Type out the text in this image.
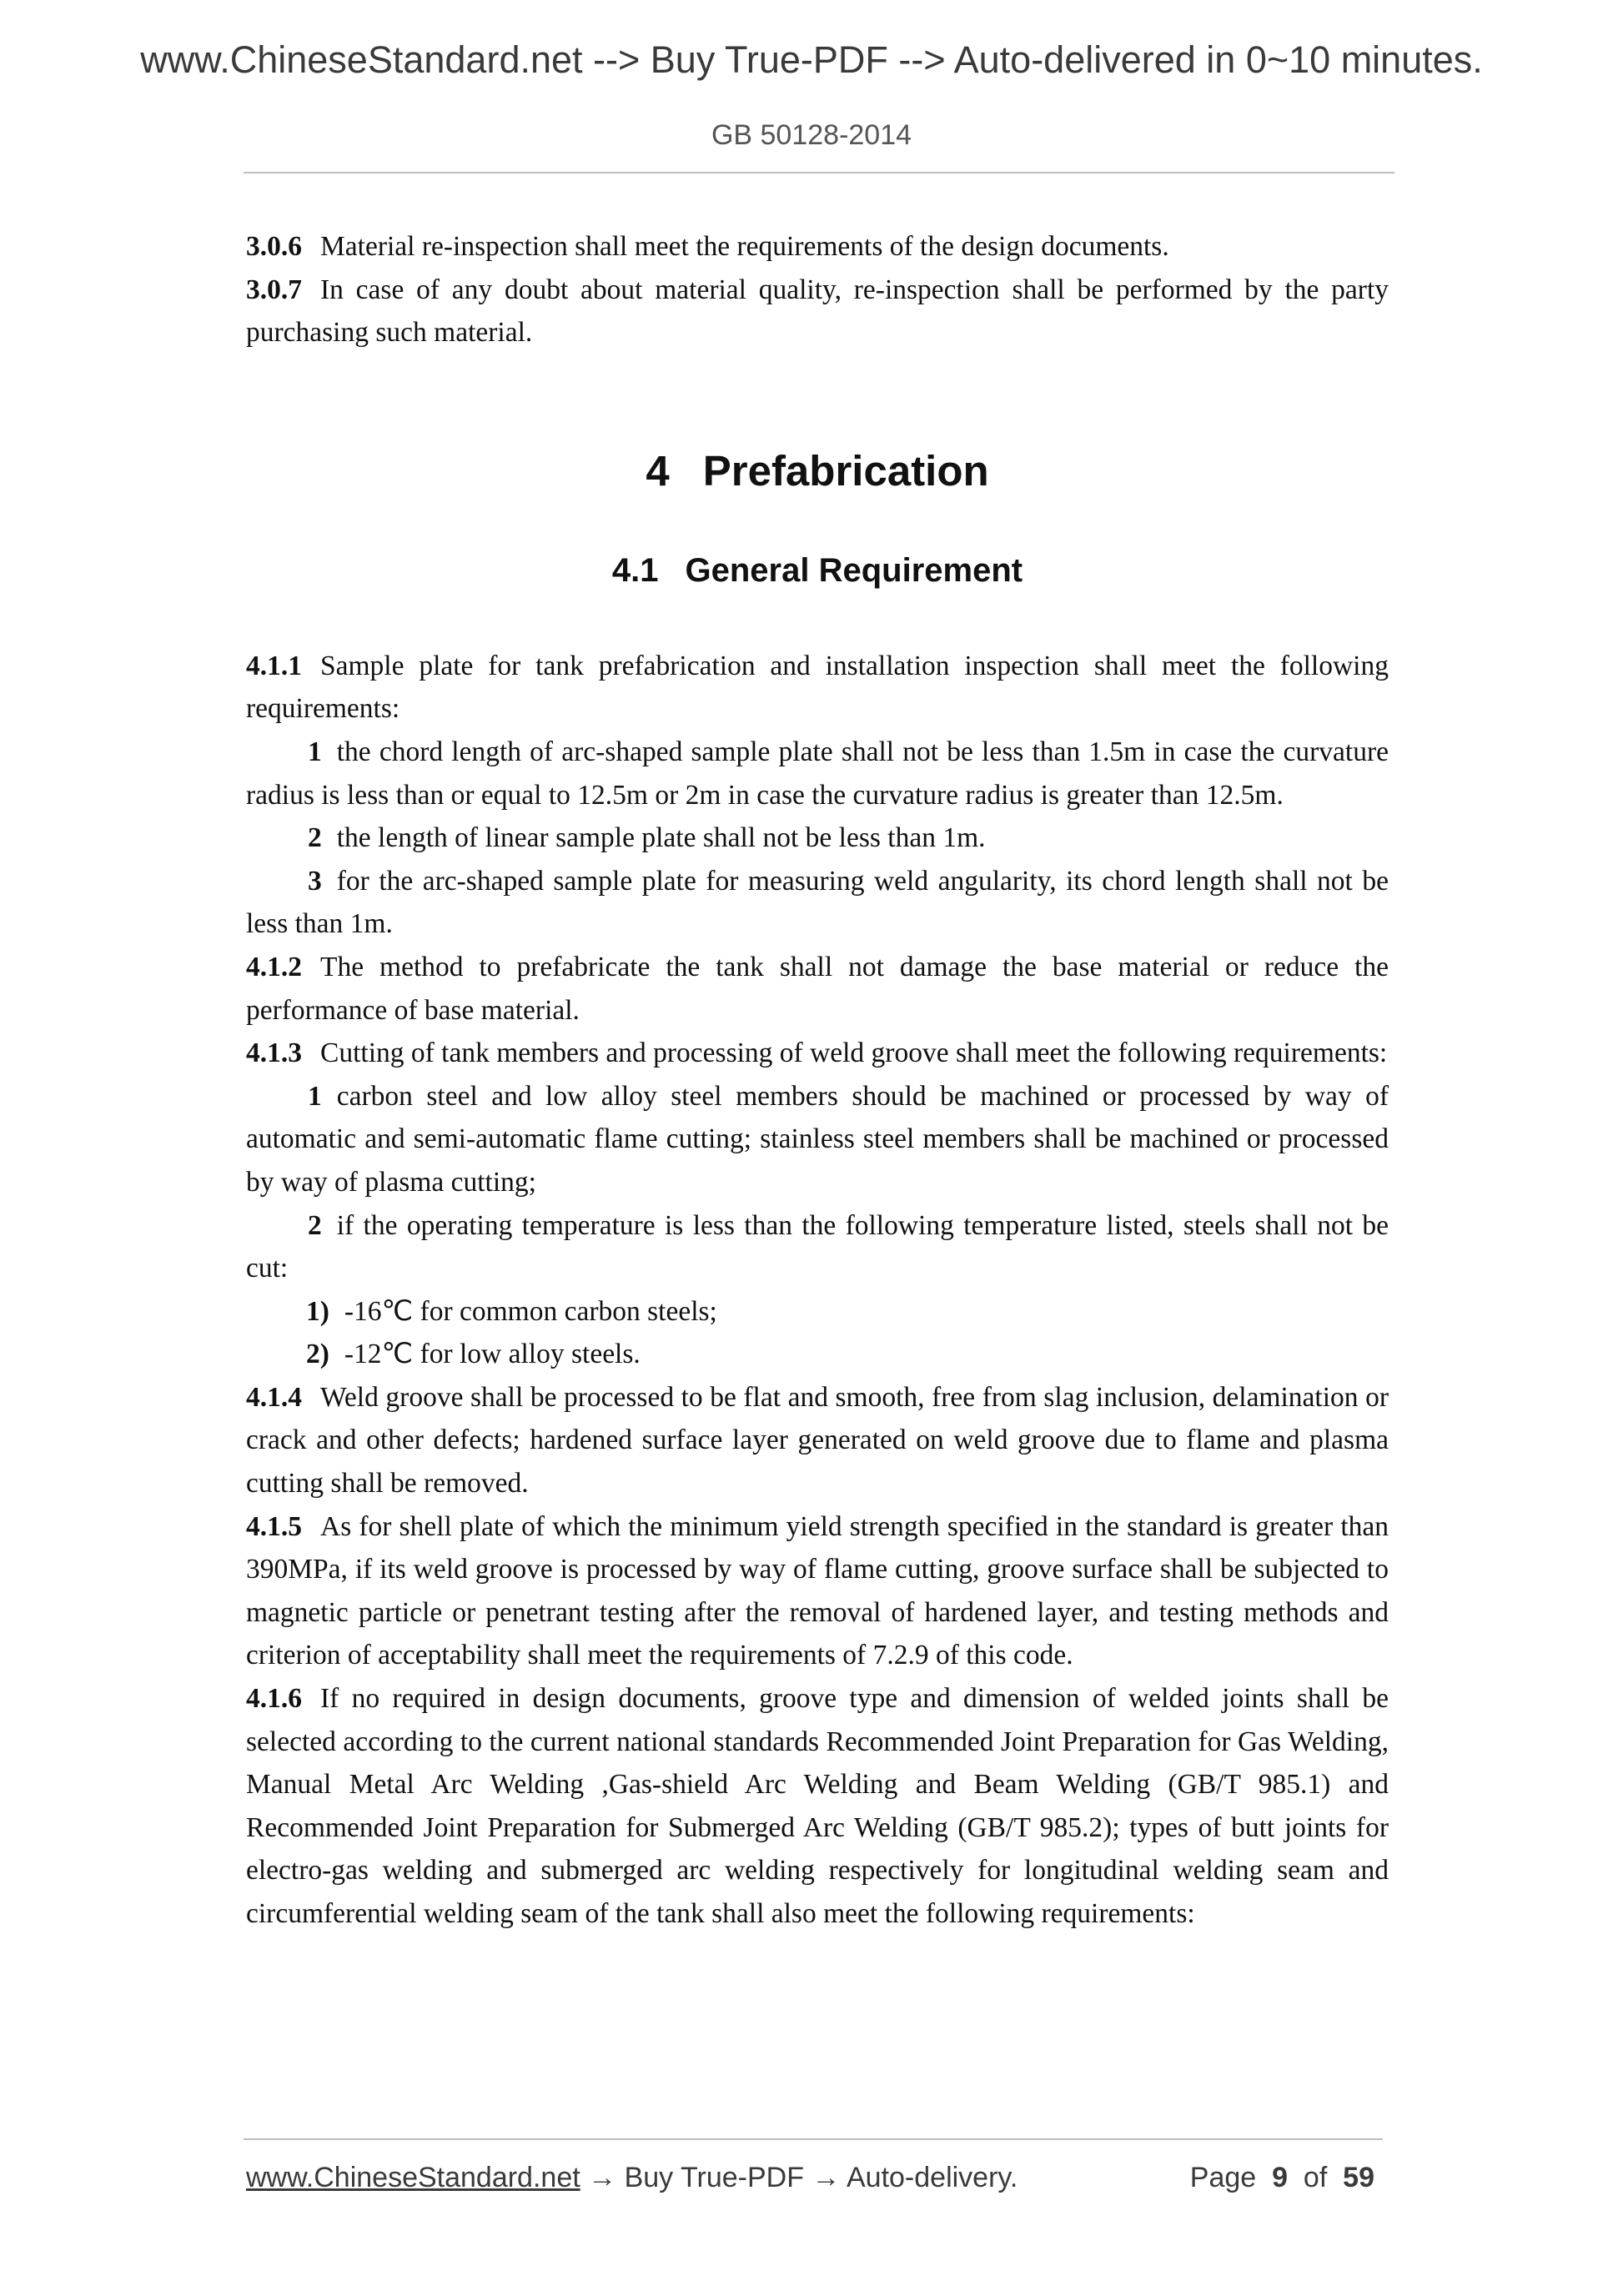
www.ChineseStandard.net --> Buy True-PDF --> Auto-delivered in 0~10 minutes.
GB 50128-2014

3.0.6 Material re-inspection shall meet the requirements of the design documents.

3.0.7 In case of any doubt about material quality, re-inspection shall be performed by the party purchasing such material.

4 Prefabrication
4.1 General Requirement

4.1.1 Sample plate for tank prefabrication and installation inspection shall meet the following requirements:

1 the chord length of arc-shaped sample plate shall not be less than 1.5m in case the curvature radius is less than or equal to 12.5m or 2m in case the curvature radius is greater than 12.5m.

2 the length of linear sample plate shall not be less than 1m.

3 for the arc-shaped sample plate for measuring weld angularity, its chord length shall not be less than 1m.

4.1.2 The method to prefabricate the tank shall not damage the base material or reduce the performance of base material.

4.1.3 Cutting of tank members and processing of weld groove shall meet the following requirements:

1 carbon steel and low alloy steel members should be machined or processed by way of automatic and semi-automatic flame cutting; stainless steel members shall be machined or processed by way of plasma cutting;

2 if the operating temperature is less than the following temperature listed, steels shall not be cut:

1) -16℃ for common carbon steels;

2) -12℃ for low alloy steels.

4.1.4 Weld groove shall be processed to be flat and smooth, free from slag inclusion, delamination or crack and other defects; hardened surface layer generated on weld groove due to flame and plasma cutting shall be removed.

4.1.5 As for shell plate of which the minimum yield strength specified in the standard is greater than 390MPa, if its weld groove is processed by way of flame cutting, groove surface shall be subjected to magnetic particle or penetrant testing after the removal of hardened layer, and testing methods and criterion of acceptability shall meet the requirements of 7.2.9 of this code.

4.1.6 If no required in design documents, groove type and dimension of welded joints shall be selected according to the current national standards Recommended Joint Preparation for Gas Welding, Manual Metal Arc Welding ,Gas-shield Arc Welding and Beam Welding (GB/T 985.1) and Recommended Joint Preparation for Submerged Arc Welding (GB/T 985.2); types of butt joints for electro-gas welding and submerged arc welding respectively for longitudinal welding seam and circumferential welding seam of the tank shall also meet the following requirements:

www.ChineseStandard.net → Buy True-PDF → Auto-delivery.	Page 9 of 59
